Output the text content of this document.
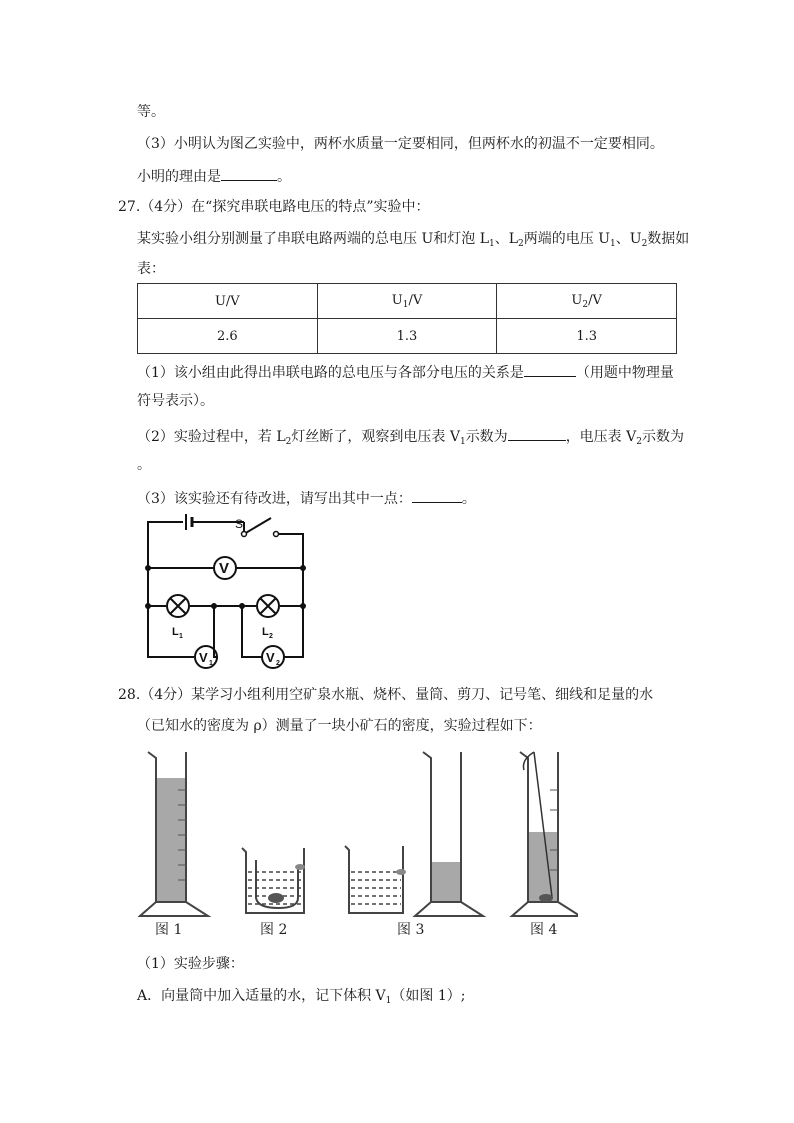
等。
（3）小明认为图乙实验中，两杯水质量一定要相同，但两杯水的初温不一定要相同。
小明的理由是	。
27.（4分）在“探究串联电路电压的特点”实验中：
某实验小组分别测量了串联电路两端的总电压 U和灯泡 $L_1$、$L_2$两端的电压 $U_1$、$U_2$数据如
表：
U/V	$U_1/V$	$U_2/V$
2.6	1.3	1.3
（1）该小组由此得出串联电路的总电压与各部分电压的关系是	（用题中物理量
符号表示）。
（2）实验过程中，若 $L_2$灯丝断了，观察到电压表 $V_1$示数为	，电压表 $V_2$示数为
。
（3）该实验还有待改进，请写出其中一点：	。
S
V
L 1	L 2
V 1	V 2
28.（4分）某学习小组利用空矿泉水瓶、烧杯、量筒、剪刀、记号笔、细线和足量的水
（已知水的密度为 ρ）测量了一块小矿石的密度，实验过程如下：
图 1	图 2	图 3	图 4
（1）实验步骤：
A．向量筒中加入适量的水，记下体积 $V_1$（如图 1）;
